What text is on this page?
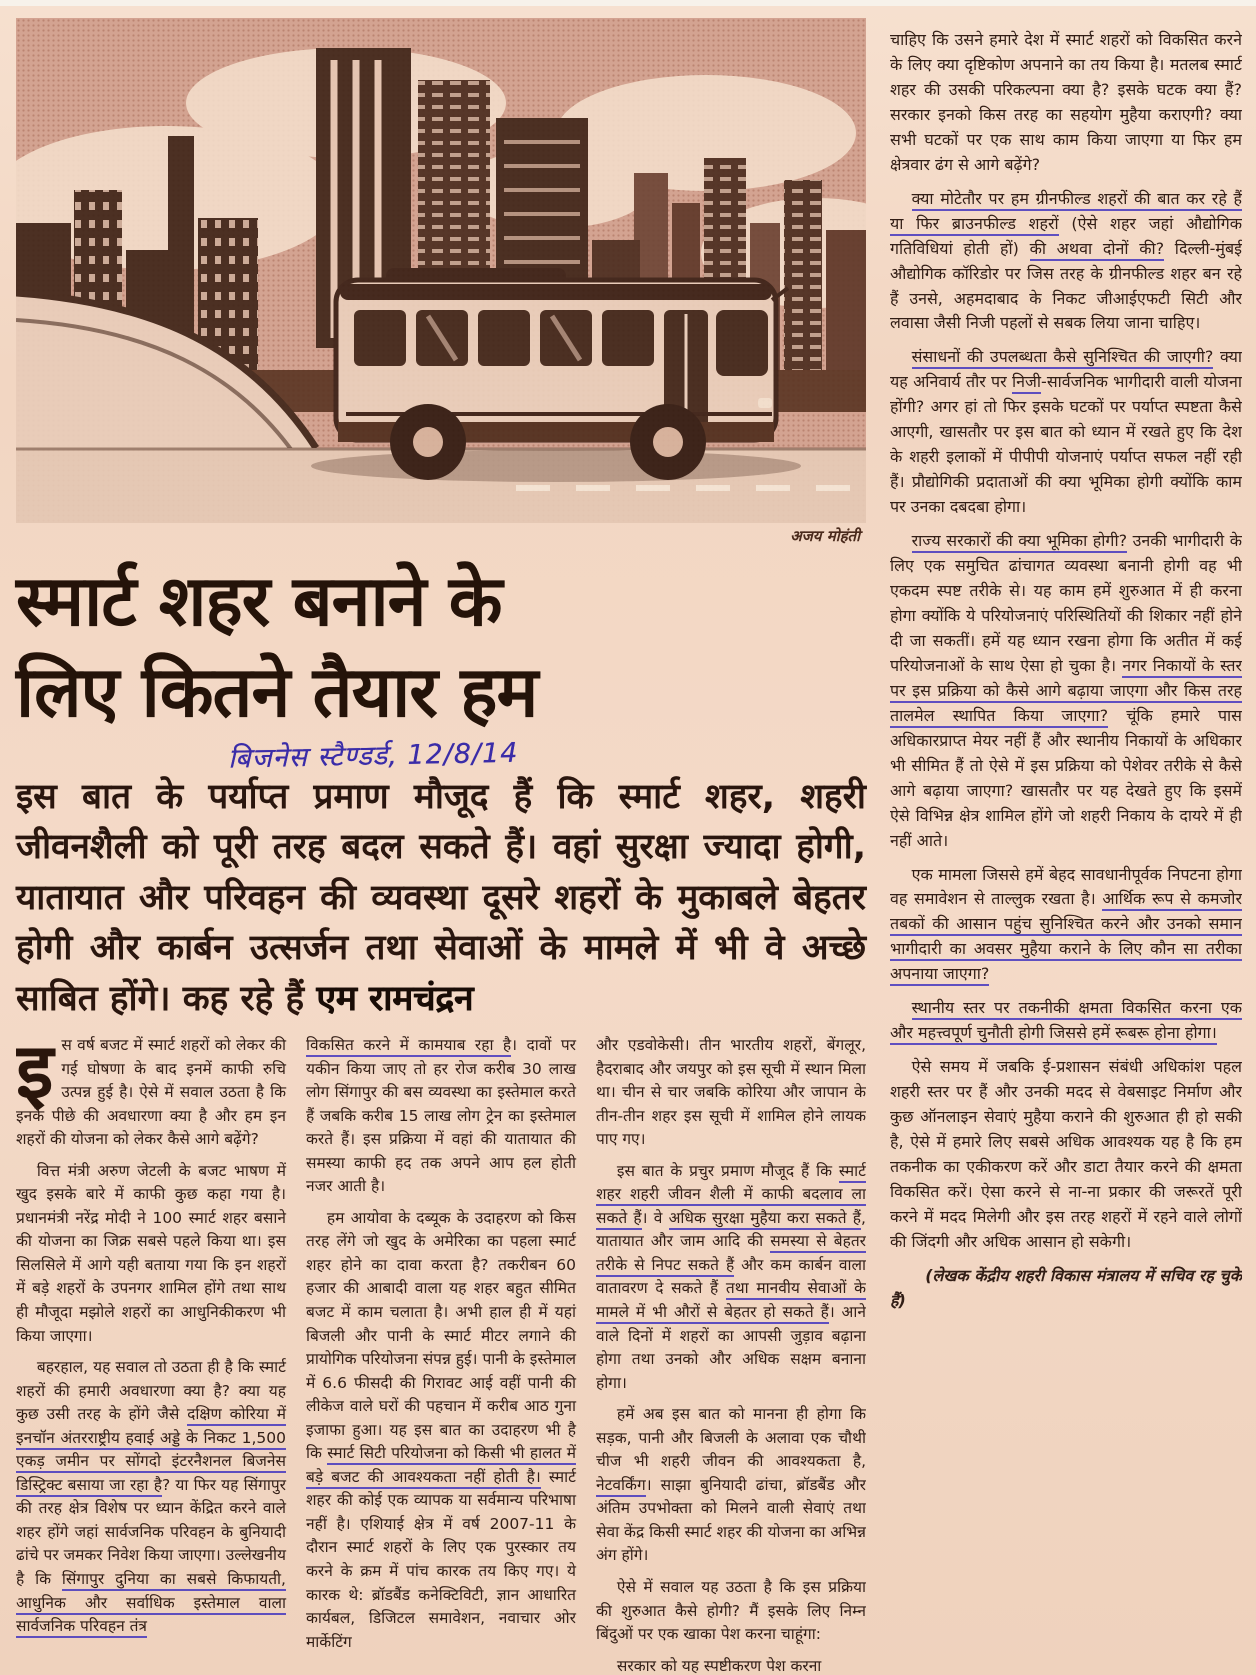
अजय मोहंती
स्मार्ट शहर बनाने के
लिए कितने तैयार हम
बिजनेस स्टैण्डर्ड, 12/8/14

इस बात के पर्याप्त प्रमाण मौजूद हैं कि स्मार्ट शहर, शहरी जीवनशैली को पूरी तरह बदल सकते हैं। वहां सुरक्षा ज्यादा होगी, यातायात और परिवहन की व्यवस्था दूसरे शहरों के मुकाबले बेहतर होगी और कार्बन उत्सर्जन तथा सेवाओं के मामले में भी वे अच्छे साबित होंगे। कह रहे हैं एम रामचंद्रन

इस वर्ष बजट में स्मार्ट शहरों को लेकर की गई घोषणा के बाद इनमें काफी रुचि उत्पन्न हुई है। ऐसे में सवाल उठता है कि इनके पीछे की अवधारणा क्या है और हम इन शहरों की योजना को लेकर कैसे आगे बढ़ेंगे?

वित्त मंत्री अरुण जेटली के बजट भाषण में खुद इसके बारे में काफी कुछ कहा गया है। प्रधानमंत्री नरेंद्र मोदी ने 100 स्मार्ट शहर बसाने की योजना का जिक्र सबसे पहले किया था। इस सिलसिले में आगे यही बताया गया कि इन शहरों में बड़े शहरों के उपनगर शामिल होंगे तथा साथ ही मौजूदा मझोले शहरों का आधुनिकीकरण भी किया जाएगा।

बहरहाल, यह सवाल तो उठता ही है कि स्मार्ट शहरों की हमारी अवधारणा क्या है? क्या यह कुछ उसी तरह के होंगे जैसे दक्षिण कोरिया में इनचॉन अंतरराष्ट्रीय हवाई अड्डे के निकट 1,500 एकड़ जमीन पर सोंगदो इंटरनैशनल बिजनेस डिस्ट्रिक्ट बसाया जा रहा है? या फिर यह सिंगापुर की तरह क्षेत्र विशेष पर ध्यान केंद्रित करने वाले शहर होंगे जहां सार्वजनिक परिवहन के बुनियादी ढांचे पर जमकर निवेश किया जाएगा। उल्लेखनीय है कि सिंगापुर दुनिया का सबसे किफायती, आधुनिक और सर्वाधिक इस्तेमाल वाला सार्वजनिक परिवहन तंत्र

विकसित करने में कामयाब रहा है। दावों पर यकीन किया जाए तो हर रोज करीब 30 लाख लोग सिंगापुर की बस व्यवस्था का इस्तेमाल करते हैं जबकि करीब 15 लाख लोग ट्रेन का इस्तेमाल करते हैं। इस प्रक्रिया में वहां की यातायात की समस्या काफी हद तक अपने आप हल होती नजर आती है।

हम आयोवा के दब्यूक के उदाहरण को किस तरह लेंगे जो खुद के अमेरिका का पहला स्मार्ट शहर होने का दावा करता है? तकरीबन 60 हजार की आबादी वाला यह शहर बहुत सीमित बजट में काम चलाता है। अभी हाल ही में यहां बिजली और पानी के स्मार्ट मीटर लगाने की प्रायोगिक परियोजना संपन्न हुई। पानी के इस्तेमाल में 6.6 फीसदी की गिरावट आई वहीं पानी की लीकेज वाले घरों की पहचान में करीब आठ गुना इजाफा हुआ। यह इस बात का उदाहरण भी है कि स्मार्ट सिटी परियोजना को किसी भी हालत में बड़े बजट की आवश्यकता नहीं होती है। स्मार्ट शहर की कोई एक व्यापक या सर्वमान्य परिभाषा नहीं है। एशियाई क्षेत्र में वर्ष 2007-11 के दौरान स्मार्ट शहरों के लिए एक पुरस्कार तय करने के क्रम में पांच कारक तय किए गए। ये कारक थे: ब्रॉडबैंड कनेक्टिविटी, ज्ञान आधारित कार्यबल, डिजिटल समावेशन, नवाचार ओर मार्केटिंग

और एडवोकेसी। तीन भारतीय शहरों, बेंगलूर, हैदराबाद और जयपुर को इस सूची में स्थान मिला था। चीन से चार जबकि कोरिया और जापान के तीन-तीन शहर इस सूची में शामिल होने लायक पाए गए।

इस बात के प्रचुर प्रमाण मौजूद हैं कि स्मार्ट शहर शहरी जीवन शैली में काफी बदलाव ला सकते हैं। वे अधिक सुरक्षा मुहैया करा सकते हैं, यातायात और जाम आदि की समस्या से बेहतर तरीके से निपट सकते हैं और कम कार्बन वाला वातावरण दे सकते हैं तथा मानवीय सेवाओं के मामले में भी औरों से बेहतर हो सकते हैं। आने वाले दिनों में शहरों का आपसी जुड़ाव बढ़ाना होगा तथा उनको और अधिक सक्षम बनाना होगा।

हमें अब इस बात को मानना ही होगा कि सड़क, पानी और बिजली के अलावा एक चौथी चीज भी शहरी जीवन की आवश्यकता है, नेटवर्किंग। साझा बुनियादी ढांचा, ब्रॉडबैंड और अंतिम उपभोक्ता को मिलने वाली सेवाएं तथा सेवा केंद्र किसी स्मार्ट शहर की योजना का अभिन्न अंग होंगे।

ऐसे में सवाल यह उठता है कि इस प्रक्रिया की शुरुआत कैसे होगी? मैं इसके लिए निम्न बिंदुओं पर एक खाका पेश करना चाहूंगा:

सरकार को यह स्पष्टीकरण पेश करना

चाहिए कि उसने हमारे देश में स्मार्ट शहरों को विकसित करने के लिए क्या दृष्टिकोण अपनाने का तय किया है। मतलब स्मार्ट शहर की उसकी परिकल्पना क्या है? इसके घटक क्या हैं? सरकार इनको किस तरह का सहयोग मुहैया कराएगी? क्या सभी घटकों पर एक साथ काम किया जाएगा या फिर हम क्षेत्रवार ढंग से आगे बढ़ेंगे?

क्या मोटेतौर पर हम ग्रीनफील्ड शहरों की बात कर रहे हैं या फिर ब्राउनफील्ड शहरों (ऐसे शहर जहां औद्योगिक गतिविधियां होती हों) की अथवा दोनों की? दिल्ली-मुंबई औद्योगिक कॉरिडोर पर जिस तरह के ग्रीनफील्ड शहर बन रहे हैं उनसे, अहमदाबाद के निकट जीआईएफटी सिटी और लवासा जैसी निजी पहलों से सबक लिया जाना चाहिए।

संसाधनों की उपलब्धता कैसे सुनिश्चित की जाएगी? क्या यह अनिवार्य तौर पर निजी-सार्वजनिक भागीदारी वाली योजना होंगी? अगर हां तो फिर इसके घटकों पर पर्याप्त स्पष्टता कैसे आएगी, खासतौर पर इस बात को ध्यान में रखते हुए कि देश के शहरी इलाकों में पीपीपी योजनाएं पर्याप्त सफल नहीं रही हैं। प्रौद्योगिकी प्रदाताओं की क्या भूमिका होगी क्योंकि काम पर उनका दबदबा होगा।

राज्य सरकारों की क्या भूमिका होगी? उनकी भागीदारी के लिए एक समुचित ढांचागत व्यवस्था बनानी होगी वह भी एकदम स्पष्ट तरीके से। यह काम हमें शुरुआत में ही करना होगा क्योंकि ये परियोजनाएं परिस्थितियों की शिकार नहीं होने दी जा सकतीं। हमें यह ध्यान रखना होगा कि अतीत में कई परियोजनाओं के साथ ऐसा हो चुका है। नगर निकायों के स्तर पर इस प्रक्रिया को कैसे आगे बढ़ाया जाएगा और किस तरह तालमेल स्थापित किया जाएगा? चूंकि हमारे पास अधिकारप्राप्त मेयर नहीं हैं और स्थानीय निकायों के अधिकार भी सीमित हैं तो ऐसे में इस प्रक्रिया को पेशेवर तरीके से कैसे आगे बढ़ाया जाएगा? खासतौर पर यह देखते हुए कि इसमें ऐसे विभिन्न क्षेत्र शामिल होंगे जो शहरी निकाय के दायरे में ही नहीं आते।

एक मामला जिससे हमें बेहद सावधानीपूर्वक निपटना होगा वह समावेशन से ताल्लुक रखता है। आर्थिक रूप से कमजोर तबकों की आसान पहुंच सुनिश्चित करने और उनको समान भागीदारी का अवसर मुहैया कराने के लिए कौन सा तरीका अपनाया जाएगा?

स्थानीय स्तर पर तकनीकी क्षमता विकसित करना एक और महत्त्वपूर्ण चुनौती होगी जिससे हमें रूबरू होना होगा।

ऐसे समय में जबकि ई-प्रशासन संबंधी अधिकांश पहल शहरी स्तर पर हैं और उनकी मदद से वेबसाइट निर्माण और कुछ ऑनलाइन सेवाएं मुहैया कराने की शुरुआत ही हो सकी है, ऐसे में हमारे लिए सबसे अधिक आवश्यक यह है कि हम तकनीक का एकीकरण करें और डाटा तैयार करने की क्षमता विकसित करें। ऐसा करने से ना-ना प्रकार की जरूरतें पूरी करने में मदद मिलेगी और इस तरह शहरों में रहने वाले लोगों की जिंदगी और अधिक आसान हो सकेगी।

(लेखक केंद्रीय शहरी विकास मंत्रालय में सचिव रह चुके हैं)
